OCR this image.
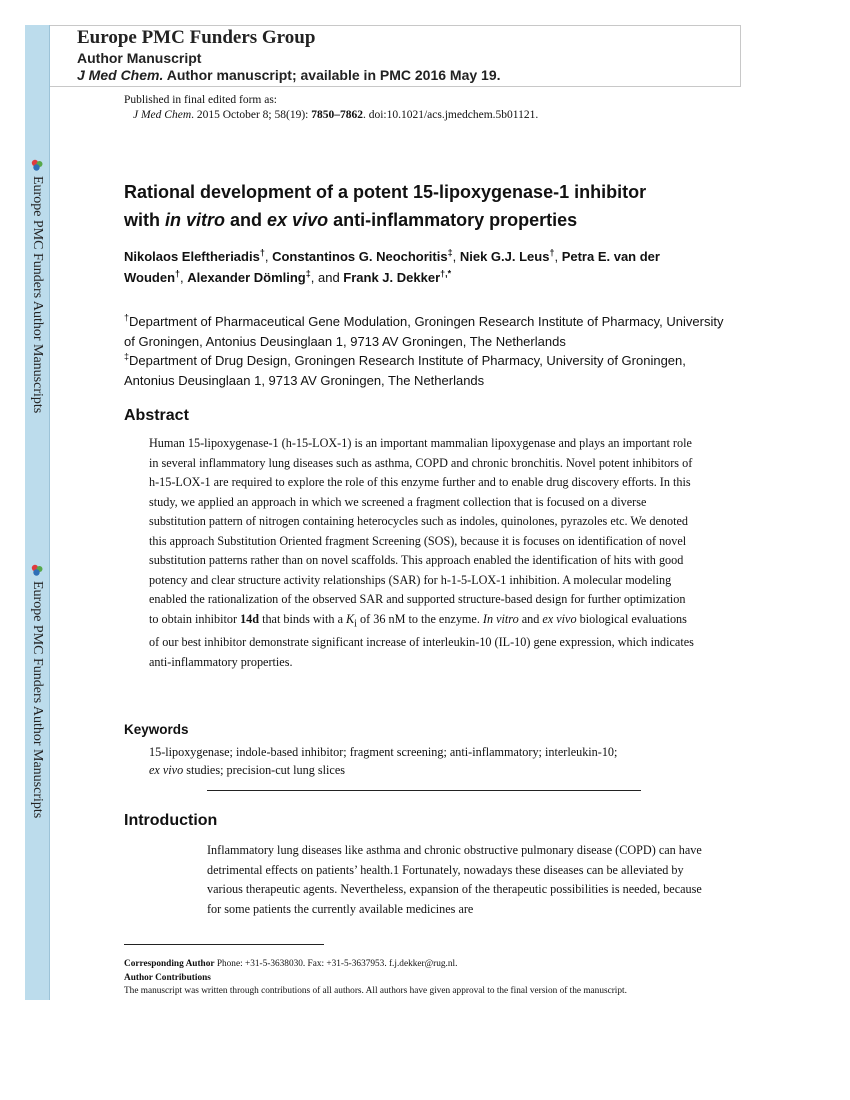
Europe PMC Funders Author Manuscripts
Europe PMC Funders Author Manuscripts
Europe PMC Funders Group
Author Manuscript
J Med Chem. Author manuscript; available in PMC 2016 May 19.
Published in final edited form as:
J Med Chem. 2015 October 8; 58(19): 7850–7862. doi:10.1021/acs.jmedchem.5b01121.
Rational development of a potent 15-lipoxygenase-1 inhibitor
with in vitro and ex vivo anti-inflammatory properties
Nikolaos Eleftheriadis†, Constantinos G. Neochoritis‡, Niek G.J. Leus†, Petra E. van der Wouden†, Alexander Dömling‡, and Frank J. Dekker†,*

†Department of Pharmaceutical Gene Modulation, Groningen Research Institute of Pharmacy, University of Groningen, Antonius Deusinglaan 1, 9713 AV Groningen, The Netherlands

‡Department of Drug Design, Groningen Research Institute of Pharmacy, University of Groningen, Antonius Deusinglaan 1, 9713 AV Groningen, The Netherlands

Abstract
Human 15-lipoxygenase-1 (h-15-LOX-1) is an important mammalian lipoxygenase and plays an important role in several inflammatory lung diseases such as asthma, COPD and chronic bronchitis. Novel potent inhibitors of h-15-LOX-1 are required to explore the role of this enzyme further and to enable drug discovery efforts. In this study, we applied an approach in which we screened a fragment collection that is focused on a diverse substitution pattern of nitrogen containing heterocycles such as indoles, quinolones, pyrazoles etc. We denoted this approach Substitution Oriented fragment Screening (SOS), because it is focuses on identification of novel substitution patterns rather than on novel scaffolds. This approach enabled the identification of hits with good potency and clear structure activity relationships (SAR) for h-1-5-LOX-1 inhibition. A molecular modeling enabled the rationalization of the observed SAR and supported structure-based design for further optimization to obtain inhibitor 14d that binds with a $K_i$ of 36 nM to the enzyme. In vitro and ex vivo biological evaluations of our best inhibitor demonstrate significant increase of interleukin-10 (IL-10) gene expression, which indicates anti-inflammatory properties.
Keywords
15-lipoxygenase; indole-based inhibitor; fragment screening; anti-inflammatory; interleukin-10;
ex vivo studies; precision-cut lung slices
Introduction
Inflammatory lung diseases like asthma and chronic obstructive pulmonary disease (COPD) can have detrimental effects on patients’ health.1 Fortunately, nowadays these diseases can be alleviated by various therapeutic agents. Nevertheless, expansion of the therapeutic possibilities is needed, because for some patients the currently available medicines are

Corresponding Author Phone: +31-5-3638030. Fax: +31-5-3637953. f.j.dekker@rug.nl.

Author Contributions

The manuscript was written through contributions of all authors. All authors have given approval to the final version of the manuscript.
